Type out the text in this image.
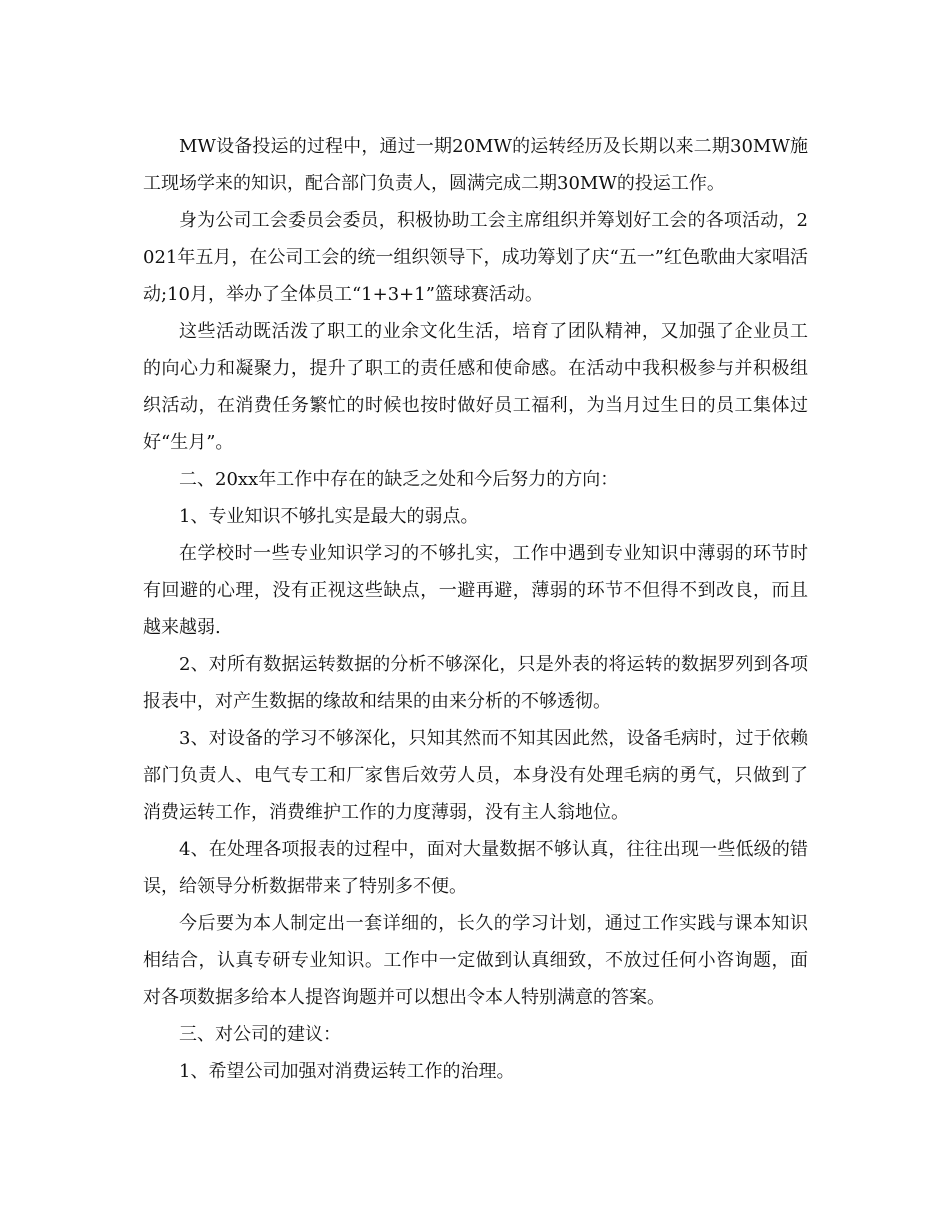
MW设备投运的过程中，通过一期20MW的运转经历及长期以来二期30MW施工现场学来的知识，配合部门负责人，圆满完成二期30MW的投运工作。

身为公司工会委员会委员，积极协助工会主席组织并筹划好工会的各项活动，2021年五月，在公司工会的统一组织领导下，成功筹划了庆“五一”红色歌曲大家唱活动;10月，举办了全体员工“1+3+1”篮球赛活动。

这些活动既活泼了职工的业余文化生活，培育了团队精神，又加强了企业员工的向心力和凝聚力，提升了职工的责任感和使命感。在活动中我积极参与并积极组织活动，在消费任务繁忙的时候也按时做好员工福利，为当月过生日的员工集体过好“生月”。

二、20xx年工作中存在的缺乏之处和今后努力的方向：

1、专业知识不够扎实是最大的弱点。

在学校时一些专业知识学习的不够扎实，工作中遇到专业知识中薄弱的环节时有回避的心理，没有正视这些缺点，一避再避，薄弱的环节不但得不到改良，而且越来越弱.

2、对所有数据运转数据的分析不够深化，只是外表的将运转的数据罗列到各项报表中，对产生数据的缘故和结果的由来分析的不够透彻。

3、对设备的学习不够深化，只知其然而不知其因此然，设备毛病时，过于依赖部门负责人、电气专工和厂家售后效劳人员，本身没有处理毛病的勇气，只做到了消费运转工作，消费维护工作的力度薄弱，没有主人翁地位。

4、在处理各项报表的过程中，面对大量数据不够认真，往往出现一些低级的错误，给领导分析数据带来了特别多不便。

今后要为本人制定出一套详细的，长久的学习计划，通过工作实践与课本知识相结合，认真专研专业知识。工作中一定做到认真细致，不放过任何小咨询题，面对各项数据多给本人提咨询题并可以想出令本人特别满意的答案。

三、对公司的建议：

1、希望公司加强对消费运转工作的治理。
